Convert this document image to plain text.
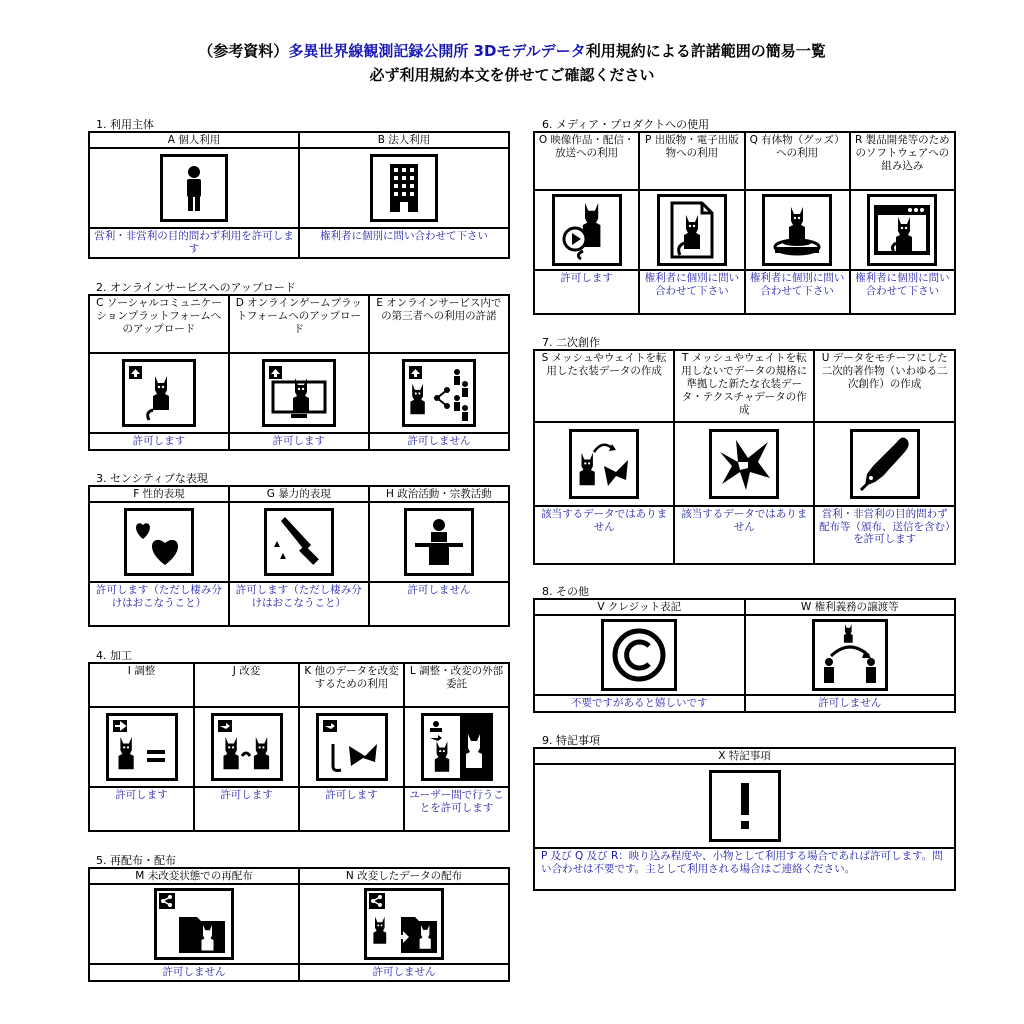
（参考資料）多異世界線観測記録公開所 3Dモデルデータ利用規約による許諾範囲の簡易一覧
必ず利用規約本文を併せてご確認ください
1. 利用主体
A 個人利用	B 法人利用

営利・非営利の目的問わず利用を許可します	権利者に個別に問い合わせて下さい
2. オンラインサービスへのアップロード
C ソーシャルコミュニケーションプラットフォームへのアップロード	D オンラインゲームプラットフォームへのアップロード	E オンラインサービス内での第三者への利用の許諾

許可します	許可します	許可しません
3. センシティブな表現
F 性的表現	G 暴力的表現	H 政治活動・宗教活動

許可します（ただし棲み分けはおこなうこと）	許可します（ただし棲み分けはおこなうこと）	許可しません
4. 加工
I 調整	J 改変	K 他のデータを改変するための利用	L 調整・改変の外部委託

許可します	許可します	許可します	ユーザー間で行うことを許可します
5. 再配布・配布
M 未改変状態での再配布	N 改変したデータの配布

許可しません	許可しません
6. メディア・プロダクトへの使用
O 映像作品・配信・放送への利用	P 出版物・電子出版物への利用	Q 有体物（グッズ）への利用	R 製品開発等のためのソフトウェアへの組み込み

許可します	権利者に個別に問い合わせて下さい	権利者に個別に問い合わせて下さい	権利者に個別に問い合わせて下さい
7. 二次創作
S メッシュやウェイトを転用した衣装データの作成	T メッシュやウェイトを転用しないでデータの規格に準拠した新たな衣装データ・テクスチャデータの作成	U データをモチーフにした二次的著作物（いわゆる二次創作）の作成

該当するデータではありません	該当するデータではありません	営利・非営利の目的問わず配布等（頒布、送信を含む）を許可します
8. その他
V クレジット表記	W 権利義務の譲渡等

不要ですがあると嬉しいです	許可しません
9. 特記事項
X 特記事項

P 及び Q 及び R：映り込み程度や、小物として利用する場合であれば許可します。問い合わせは不要です。主として利用される場合はご連絡ください。
